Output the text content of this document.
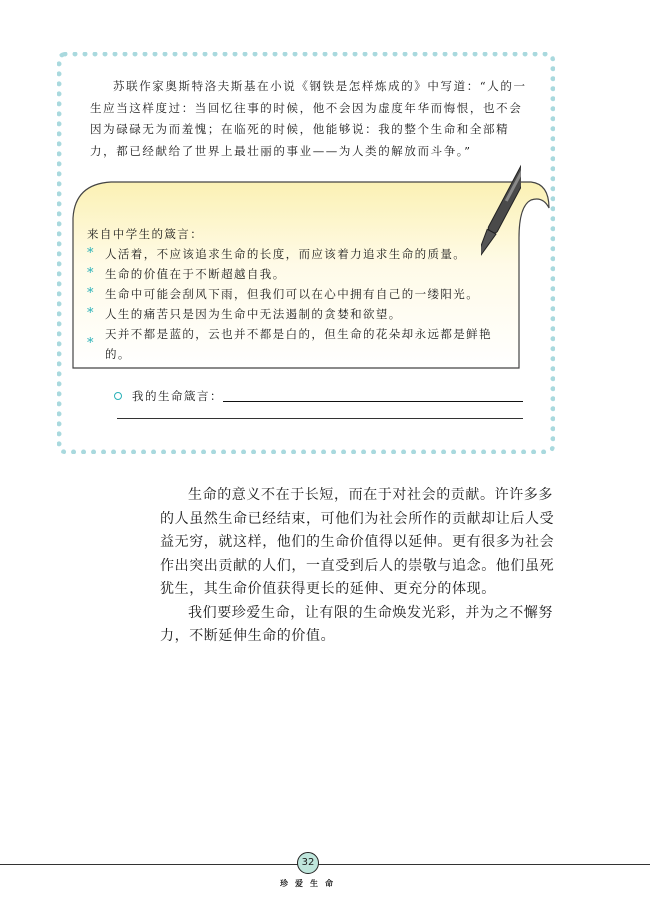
苏联作家奥斯特洛夫斯基在小说《钢铁是怎样炼成的》中写道：“人的一生应当这样度过：当回忆往事的时候，他不会因为虚度年华而悔恨，也不会因为碌碌无为而羞愧；在临死的时候，他能够说：我的整个生命和全部精力，都已经献给了世界上最壮丽的事业——为人类的解放而斗争。”
来自中学生的箴言：
* 人活着，不应该追求生命的长度，而应该着力追求生命的质量。
* 生命的价值在于不断超越自我。
* 生命中可能会刮风下雨，但我们可以在心中拥有自己的一缕阳光。
* 人生的痛苦只是因为生命中无法遏制的贪婪和欲望。
*
天并不都是蓝的，云也并不都是白的，但生命的花朵却永远都是鲜艳的。
我的生命箴言：

生命的意义不在于长短，而在于对社会的贡献。许许多多的人虽然生命已经结束，可他们为社会所作的贡献却让后人受益无穷，就这样，他们的生命价值得以延伸。更有很多为社会作出突出贡献的人们，一直受到后人的崇敬与追念。他们虽死犹生，其生命价值获得更长的延伸、更充分的体现。

我们要珍爱生命，让有限的生命焕发光彩，并为之不懈努力，不断延伸生命的价值。

32
珍爱生命
